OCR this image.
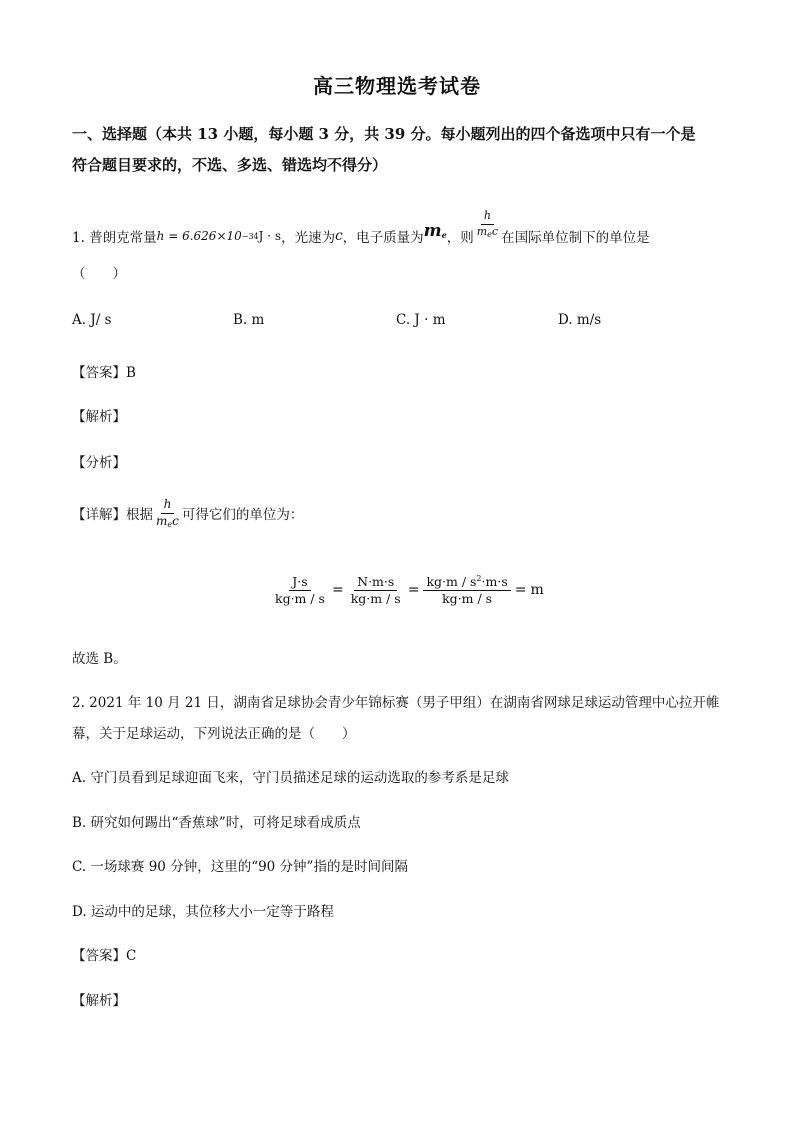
高三物理选考试卷
一、选择题（本共 13 小题，每小题 3 分，共 39 分。每小题列出的四个备选项中只有一个是
符合题目要求的，不选、多选、错选均不得分）
1. 普朗克常量 h = 6.626×10 −34 J · s ，光速为 c ，电子质量为 $m_e$ ，则 $\frac{h}{m_ec}$ 在国际单位制下的单位是
（　　）
A. J/ s	B. m	C. J · m	D. m/s
【答案】B
【解析】
【分析】
【详解】 根据 $\frac{h}{m_ec}$ 可得它们的单位为：
$\frac{J\cdot s}{kg\cdot m / s} = \frac{N\cdot m\cdot s}{kg\cdot m / s} = \frac{kg\cdot m / s^2\cdot m\cdot s}{kg\cdot m / s} = m$
故选 B。
2. 2021 年 10 月 21 日，湖南省足球协会青少年锦标赛（男子甲组）在湖南省网球足球运动管理中心拉开帷
幕，关于足球运动，下列说法正确的是（　　）
A. 守门员看到足球迎面飞来，守门员描述足球的运动选取的参考系是足球
B. 研究如何踢出“香蕉球”时，可将足球看成质点
C. 一场球赛 90 分钟，这里的“90 分钟”指的是时间间隔
D. 运动中的足球，其位移大小一定等于路程
【答案】C
【解析】
